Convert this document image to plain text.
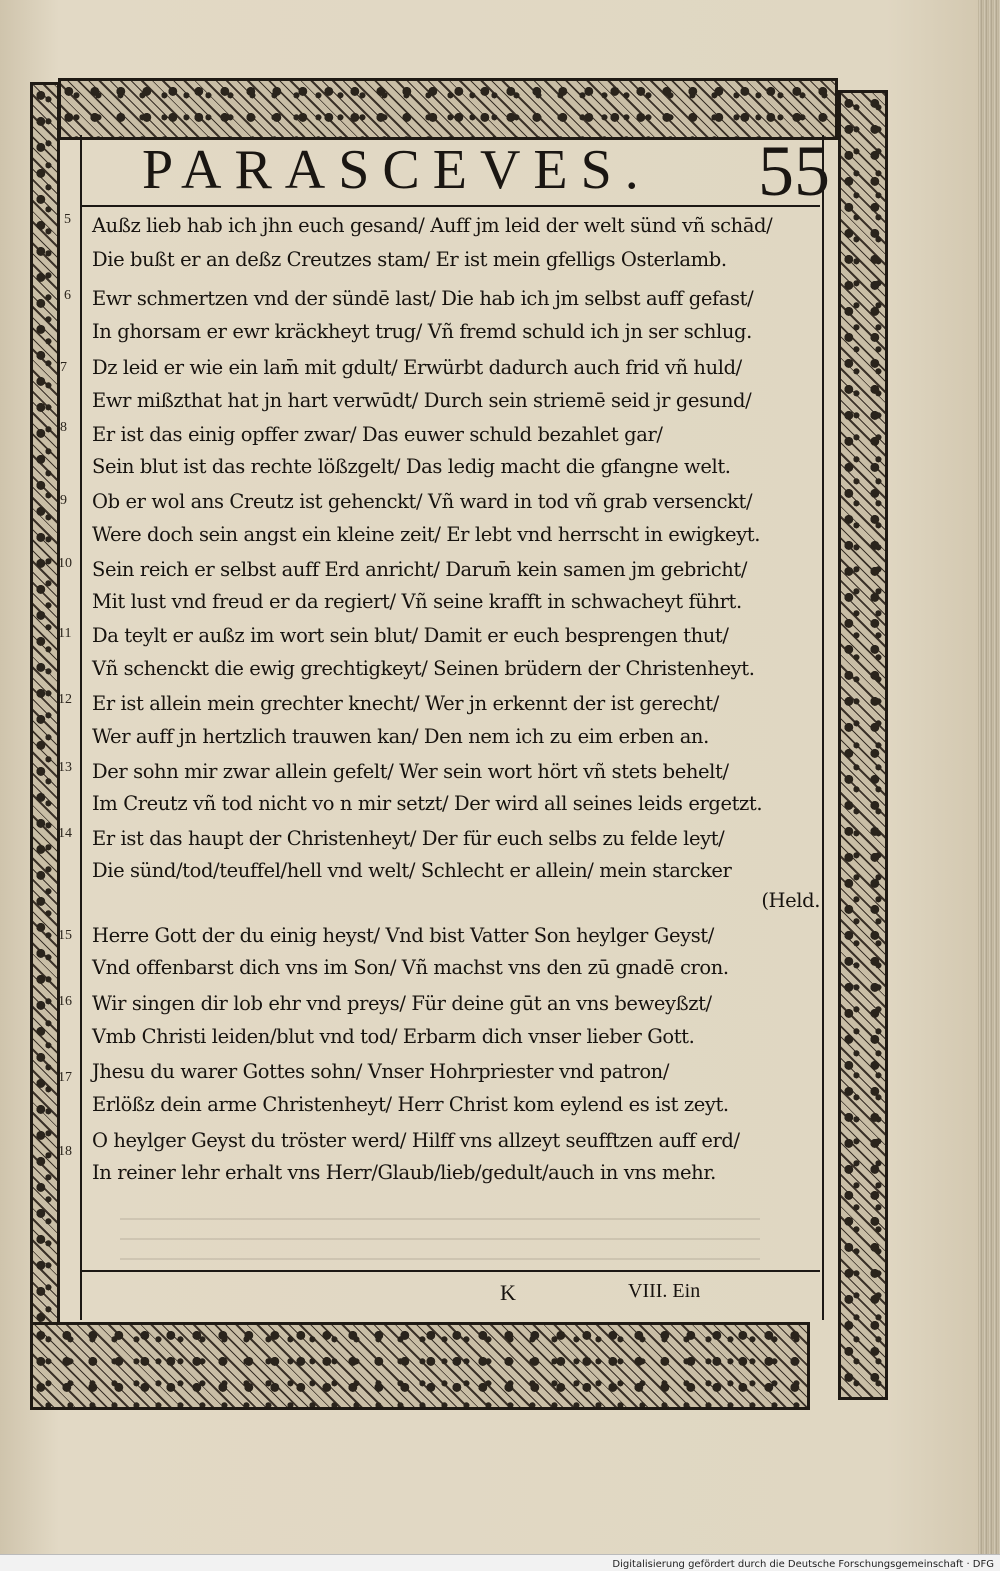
PARASCEVES. 55
5 Außz lieb hab ich jhn euch gesand/ Auff jm leid der welt sünd vñ schād/
Die bußt er an deßz Creutzes stam/ Er ist mein gfelligs Osterlamb.
6 Ewr schmertzen vnd der sündē last/ Die hab ich jm selbst auff gefast/
In ghorsam er ewr kräckheyt trug/ Vñ fremd schuld ich jn ser schlug.
7 Dz leid er wie ein lam̄ mit gdult/ Erwürbt dadurch auch frid vñ huld/
Ewr mißzthat hat jn hart verwūdt/ Durch sein striemē seid jr gesund/
8 Er ist das einig opffer zwar/ Das euwer schuld bezahlet gar/
Sein blut ist das rechte lößzgelt/ Das ledig macht die gfangne welt.
9 Ob er wol ans Creutz ist gehenckt/ Vñ ward in tod vñ grab versenckt/
Were doch sein angst ein kleine zeit/ Er lebt vnd herrscht in ewigkeyt.
10 Sein reich er selbst auff Erd anricht/ Darum̄ kein samen jm gebricht/
Mit lust vnd freud er da regiert/ Vñ seine krafft in schwacheyt führt.
11 Da teylt er außz im wort sein blut/ Damit er euch besprengen thut/
Vñ schenckt die ewig grechtigkeyt/ Seinen brüdern der Christenheyt.
12 Er ist allein mein grechter knecht/ Wer jn erkennt der ist gerecht/
Wer auff jn hertzlich trauwen kan/ Den nem ich zu eim erben an.
13 Der sohn mir zwar allein gefelt/ Wer sein wort hört vñ stets behelt/
Im Creutz vñ tod nicht vo n mir setzt/ Der wird all seines leids ergetzt.
14 Er ist das haupt der Christenheyt/ Der für euch selbs zu felde leyt/
Die sünd/tod/teuffel/hell vnd welt/ Schlecht er allein/ mein starcker
(Held.
15 Herre Gott der du einig heyst/ Vnd bist Vatter Son heylger Geyst/
Vnd offenbarst dich vns im Son/ Vñ machst vns den zū gnadē cron.
16 Wir singen dir lob ehr vnd preys/ Für deine gūt an vns beweyßzt/
Vmb Christi leiden/blut vnd tod/ Erbarm dich vnser lieber Gott.
17 Jhesu du warer Gottes sohn/ Vnser Hohrpriester vnd patron/
Erlößz dein arme Christenheyt/ Herr Christ kom eylend es ist zeyt.
18 O heylger Geyst du tröster werd/ Hilff vns allzeyt seufftzen auff erd/
In reiner lehr erhalt vns Herr/Glaub/lieb/gedult/auch in vns mehr.
K	VIII. Ein
Digitalisierung gefördert durch die Deutsche Forschungsgemeinschaft · DFG
